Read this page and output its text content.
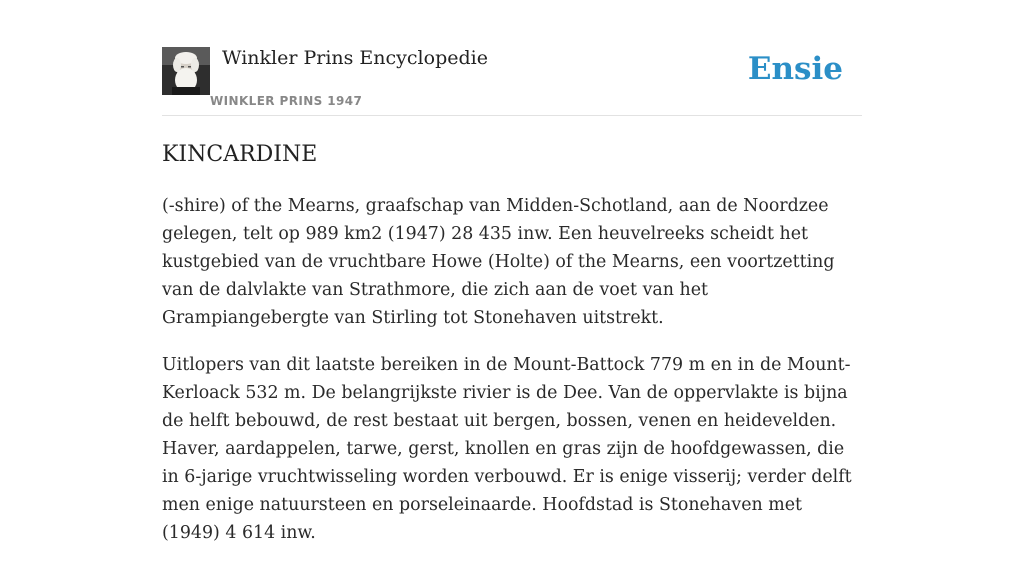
Winkler Prins Encyclopedie
WINKLER PRINS 1947
Ensie
KINCARDINE

(-shire) of the Mearns, graafschap van Midden-Schotland, aan de Noordzee gelegen, telt op 989 km2 (1947) 28 435 inw. Een heuvelreeks scheidt het kustgebied van de vruchtbare Howe (Holte) of the Mearns, een voortzetting van de dalvlakte van Strathmore, die zich aan de voet van het Grampiangebergte van Stirling tot Stonehaven uitstrekt.

Uitlopers van dit laatste bereiken in de Mount-Battock 779 m en in de Mount-Kerloack 532 m. De belangrijkste rivier is de Dee. Van de oppervlakte is bijna de helft bebouwd, de rest bestaat uit bergen, bossen, venen en heidevelden. Haver, aardappelen, tarwe, gerst, knollen en gras zijn de hoofdgewassen, die in 6-jarige vruchtwisseling worden verbouwd. Er is enige visserij; verder delft men enige natuursteen en porseleinaarde. Hoofdstad is Stonehaven met (1949) 4 614 inw.
